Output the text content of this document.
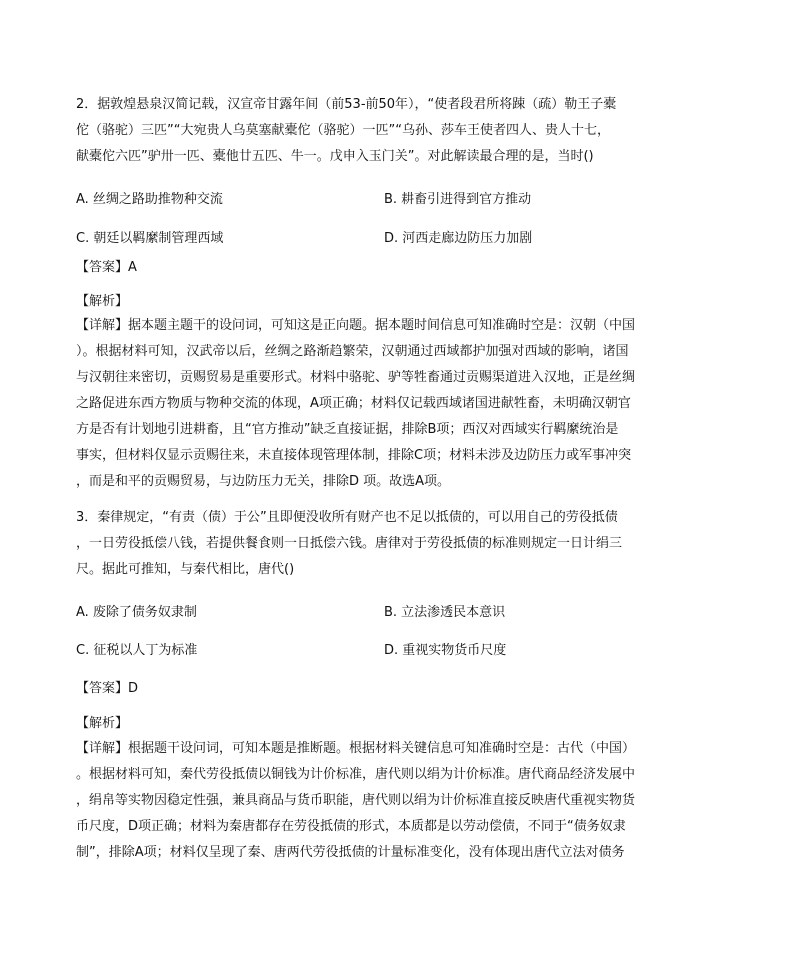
2．据敦煌悬泉汉简记载，汉宣帝甘露年间（前53-前50年），“使者段君所将踈（疏）勒王子橐
佗（骆驼）三匹”“大宛贵人乌莫塞献橐佗（骆驼）一匹”“乌孙、莎车王使者四人、贵人十七，
献橐佗六匹”驴卅一匹、橐他廿五匹、牛一。戊申入玉门关”。对此解读最合理的是，当时()
A. 丝绸之路助推物种交流	B. 耕畜引进得到官方推动
C. 朝廷以羁縻制管理西域	D. 河西走廊边防压力加剧
【答案】A
【解析】
【详解】据本题主题干的设问词，可知这是正向题。据本题时间信息可知准确时空是：汉朝（中国
）。根据材料可知，汉武帝以后，丝绸之路渐趋繁荣，汉朝通过西域都护加强对西域的影响，诸国
与汉朝往来密切，贡赐贸易是重要形式。材料中骆驼、驴等牲畜通过贡赐渠道进入汉地，正是丝绸
之路促进东西方物质与物种交流的体现，A项正确；材料仅记载西域诸国进献牲畜，未明确汉朝官
方是否有计划地引进耕畜，且“官方推动”缺乏直接证据，排除B项；西汉对西域实行羁縻统治是
事实，但材料仅显示贡赐往来，未直接体现管理体制，排除C项；材料未涉及边防压力或军事冲突
，而是和平的贡赐贸易，与边防压力无关，排除D 项。故选A项。
3．秦律规定，“有责（债）于公”且即便没收所有财产也不足以抵债的，可以用自己的劳役抵债
，一日劳役抵偿八钱，若提供餐食则一日抵偿六钱。唐律对于劳役抵债的标准则规定一日计绢三
尺。据此可推知，与秦代相比，唐代()
A. 废除了债务奴隶制	B. 立法渗透民本意识
C. 征税以人丁为标准	D. 重视实物货币尺度
【答案】D
【解析】
【详解】根据题干设问词，可知本题是推断题。根据材料关键信息可知准确时空是：古代（中国）
。根据材料可知，秦代劳役抵债以铜钱为计价标准，唐代则以绢为计价标准。唐代商品经济发展中
，绢帛等实物因稳定性强，兼具商品与货币职能，唐代则以绢为计价标准直接反映唐代重视实物货
币尺度，D项正确；材料为秦唐都存在劳役抵债的形式，本质都是以劳动偿债，不同于“债务奴隶
制”，排除A项；材料仅呈现了秦、唐两代劳役抵债的计量标准变化，没有体现出唐代立法对债务
